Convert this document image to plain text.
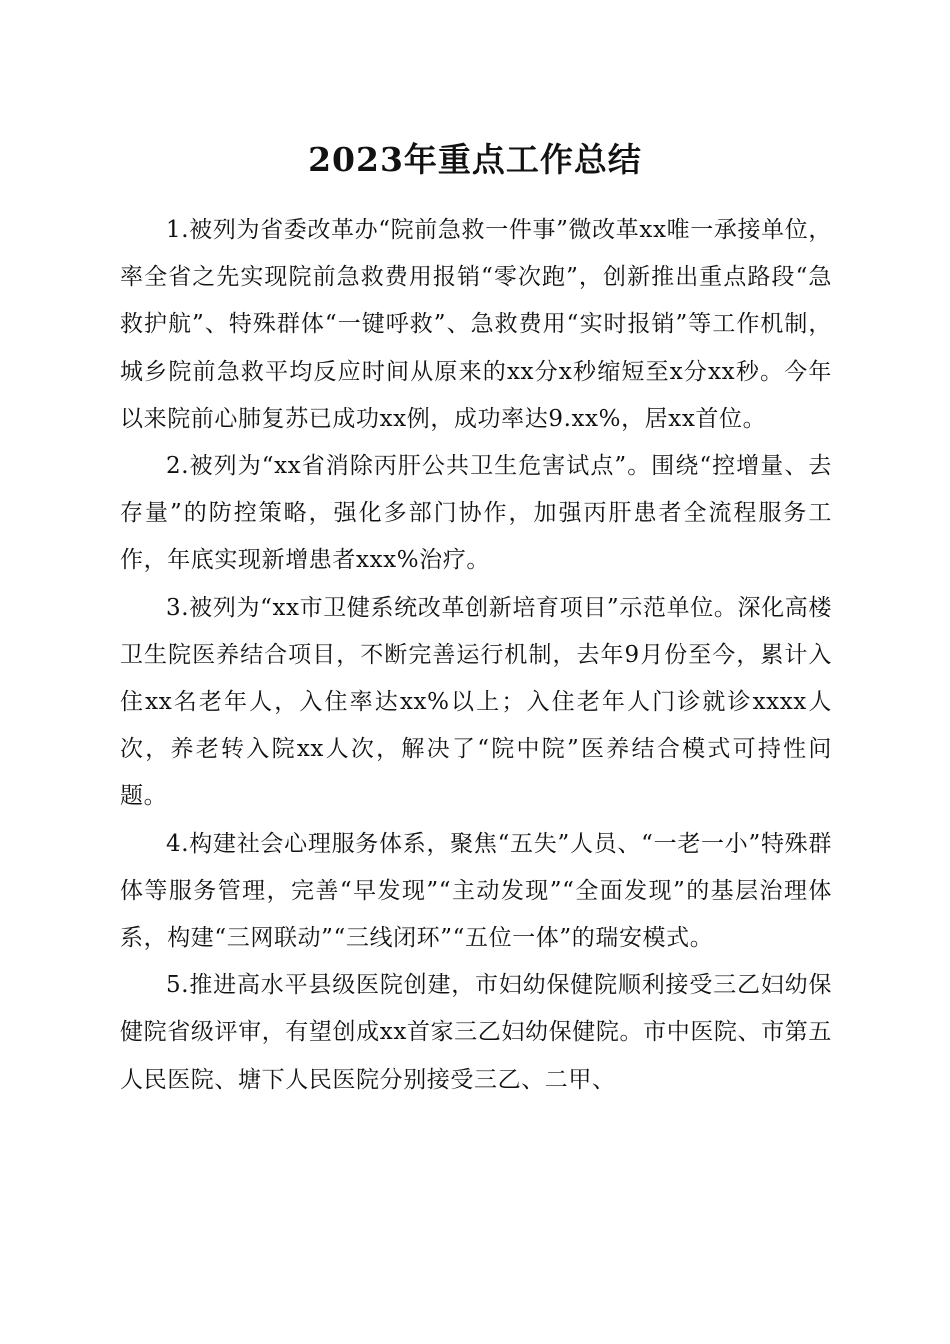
2023年重点工作总结

1.被列为省委改革办“院前急救一件事”微改革xx唯一承接单位，率全省之先实现院前急救费用报销“零次跑”，创新推出重点路段“急救护航”、特殊群体“一键呼救”、急救费用“实时报销”等工作机制，城乡院前急救平均反应时间从原来的xx分x秒缩短至x分xx秒。今年以来院前心肺复苏已成功xx例，成功率达9.xx%，居xx首位。

2.被列为“xx省消除丙肝公共卫生危害试点”。围绕“控增量、去存量”的防控策略，强化多部门协作，加强丙肝患者全流程服务工作，年底实现新增患者xxx%治疗。

3.被列为“xx市卫健系统改革创新培育项目”示范单位。深化高楼卫生院医养结合项目，不断完善运行机制，去年9月份至今，累计入住xx名老年人，入住率达xx%以上；入住老年人门诊就诊xxxx人次，养老转入院xx人次，解决了“院中院”医养结合模式可持性问题。

4.构建社会心理服务体系，聚焦“五失”人员、“一老一小”特殊群体等服务管理，完善“早发现”“主动发现”“全面发现”的基层治理体系，构建“三网联动”“三线闭环”“五位一体”的瑞安模式。

5.推进高水平县级医院创建，市妇幼保健院顺利接受三乙妇幼保健院省级评审，有望创成xx首家三乙妇幼保健院。市中医院、市第五人民医院、塘下人民医院分别接受三乙、二甲、
